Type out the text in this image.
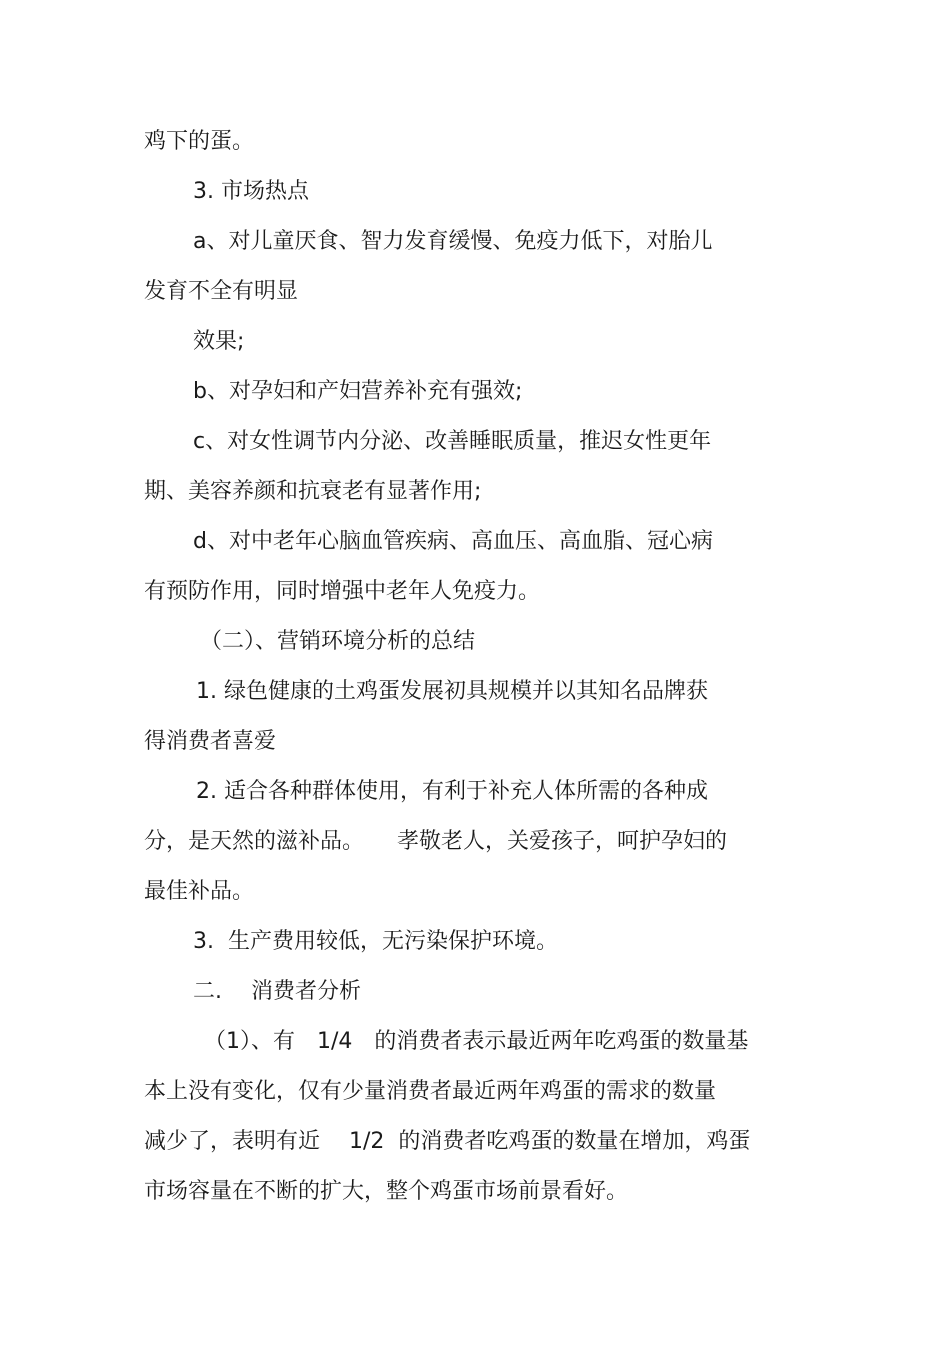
鸡下的蛋。
3. 市场热点
a、对儿童厌食、智力发育缓慢、免疫力低下，对胎儿
发育不全有明显
效果;
b、对孕妇和产妇营养补充有强效;
c、对女性调节内分泌、改善睡眠质量，推迟女性更年
期、美容养颜和抗衰老有显著作用;
d、对中老年心脑血管疾病、高血压、高血脂、冠心病
有预防作用，同时增强中老年人免疫力。
（二）、营销环境分析的总结
1. 绿色健康的土鸡蛋发展初具规模并以其知名品牌获
得消费者喜爱
2. 适合各种群体使用，有利于补充人体所需的各种成
分，是天然的滋补品。　　孝敬老人，关爱孩子，呵护孕妇的
最佳补品。
3.  生产费用较低，无污染保护环境。
二.　 消费者分析
（1）、有　1/4　的消费者表示最近两年吃鸡蛋的数量基
本上没有变化，仅有少量消费者最近两年鸡蛋的需求的数量
减少了，表明有近　 1/2  的消费者吃鸡蛋的数量在增加，鸡蛋
市场容量在不断的扩大，整个鸡蛋市场前景看好。
